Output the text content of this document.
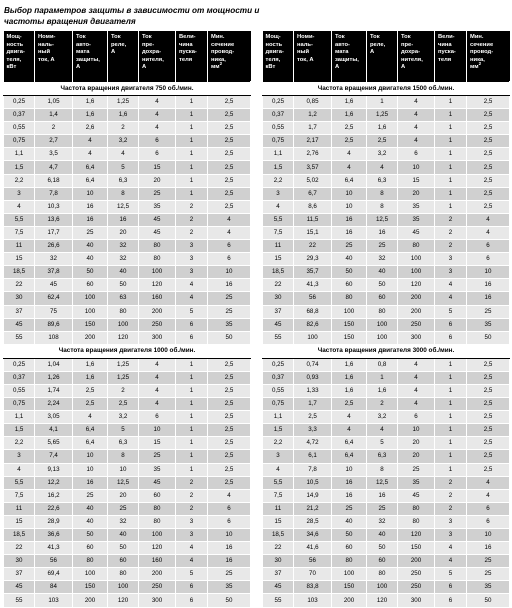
Выбор параметров защиты в зависимости от мощности и
частоты вращения двигателя
Мощ-
ность
двига-
теля,
кВт	Номи-
наль-
ный
ток, А	Ток
авто-
мата
защиты,
А	Ток
реле,
А	Ток
пре-
дохра-
нителя,
А	Вели-
чина
пуска-
теля	Мин.
сечение
провод-
ника,
$мм^2$
Частота вращения двигателя 750 об./мин.						
0,25	1,05	1,6	1,25	4	1	2,5
0,37	1,4	1,6	1,6	4	1	2,5
0,55	2	2,6	2	4	1	2,5
0,75	2,7	4	3,2	6	1	2,5
1,1	3,5	4	4	6	1	2,5
1,5	4,7	6,4	5	15	1	2,5
2,2	6,18	6,4	6,3	20	1	2,5
3	7,8	10	8	25	1	2,5
4	10,3	16	12,5	35	2	2,5
5,5	13,6	16	16	45	2	4
7,5	17,7	25	20	45	2	4
11	26,6	40	32	80	3	6
15	32	40	32	80	3	6
18,5	37,8	50	40	100	3	10
22	45	60	50	120	4	16
30	62,4	100	63	160	4	25
37	75	100	80	200	5	25
45	89,6	150	100	250	6	35
55	108	200	120	300	6	50
Частота вращения двигателя 1000 об./мин.						
0,25	1,04	1,6	1,25	4	1	2,5
0,37	1,26	1,6	1,25	4	1	2,5
0,55	1,74	2,5	2	4	1	2,5
0,75	2,24	2,5	2,5	4	1	2,5
1,1	3,05	4	3,2	6	1	2,5
1,5	4,1	6,4	5	10	1	2,5
2,2	5,65	6,4	6,3	15	1	2,5
3	7,4	10	8	25	1	2,5
4	9,13	10	10	35	1	2,5
5,5	12,2	16	12,5	45	2	2,5
7,5	16,2	25	20	60	2	4
11	22,6	40	25	80	2	6
15	28,9	40	32	80	3	6
18,5	36,6	50	40	100	3	10
22	41,3	60	50	120	4	16
30	56	80	60	160	4	16
37	69,4	100	80	200	5	25
45	84	150	100	250	6	35
55	103	200	120	300	6	50
Мощ-
ность
двига-
теля,
кВт	Номи-
наль-
ный
ток, А	Ток
авто-
мата
защиты,
А	Ток
реле,
А	Ток
пре-
дохра-
нителя,
А	Вели-
чина
пуска-
теля	Мин.
сечение
провод-
ника,
$мм^2$
Частота вращения двигателя 1500 об./мин.						
0,25	0,85	1,6	1	4	1	2,5
0,37	1,2	1,6	1,25	4	1	2,5
0,55	1,7	2,5	1,6	4	1	2,5
0,75	2,17	2,5	2,5	4	1	2,5
1,1	2,76	4	3,2	6	1	2,5
1,5	3,57	4	4	10	1	2,5
2,2	5,02	6,4	6,3	15	1	2,5
3	6,7	10	8	20	1	2,5
4	8,6	10	8	35	1	2,5
5,5	11,5	16	12,5	35	2	4
7,5	15,1	16	16	45	2	4
11	22	25	25	80	2	6
15	29,3	40	32	100	3	6
18,5	35,7	50	40	100	3	10
22	41,3	60	50	120	4	16
30	56	80	60	200	4	16
37	68,8	100	80	200	5	25
45	82,6	150	100	250	6	35
55	100	150	100	300	6	50
Частота вращения двигателя 3000 об./мин.						
0,25	0,74	1,6	0,8	4	1	2,5
0,37	0,93	1,6	1	4	1	2,5
0,55	1,33	1,6	1,6	4	1	2,5
0,75	1,7	2,5	2	4	1	2,5
1,1	2,5	4	3,2	6	1	2,5
1,5	3,3	4	4	10	1	2,5
2,2	4,72	6,4	5	20	1	2,5
3	6,1	6,4	6,3	20	1	2,5
4	7,8	10	8	25	1	2,5
5,5	10,5	16	12,5	35	2	4
7,5	14,9	16	16	45	2	4
11	21,2	25	25	80	2	6
15	28,5	40	32	80	3	6
18,5	34,6	50	40	120	3	10
22	41,6	60	50	150	4	16
30	56	80	60	200	4	25
37	70	100	80	250	5	25
45	83,8	150	100	250	6	35
55	103	200	120	300	6	50
